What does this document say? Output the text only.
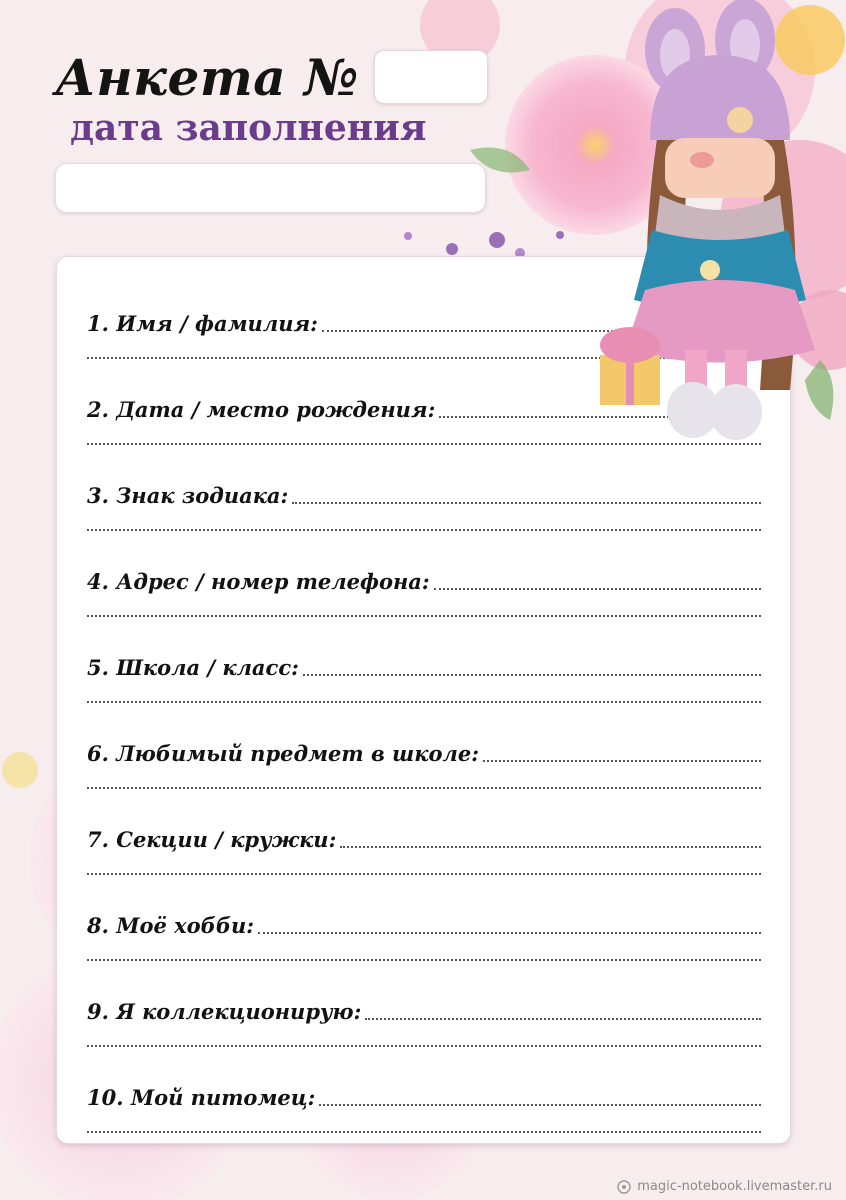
Анкета №
дата заполнения
1. Имя / фамилия:
2. Дата / место рождения:
3. Знак зодиака:
4. Адрес / номер телефона:
5. Школа / класс:
6. Любимый предмет в школе:
7. Секции / кружки:
8. Моё хобби:
9. Я коллекционирую:
10. Мой питомец:
magic-notebook.livemaster.ru
